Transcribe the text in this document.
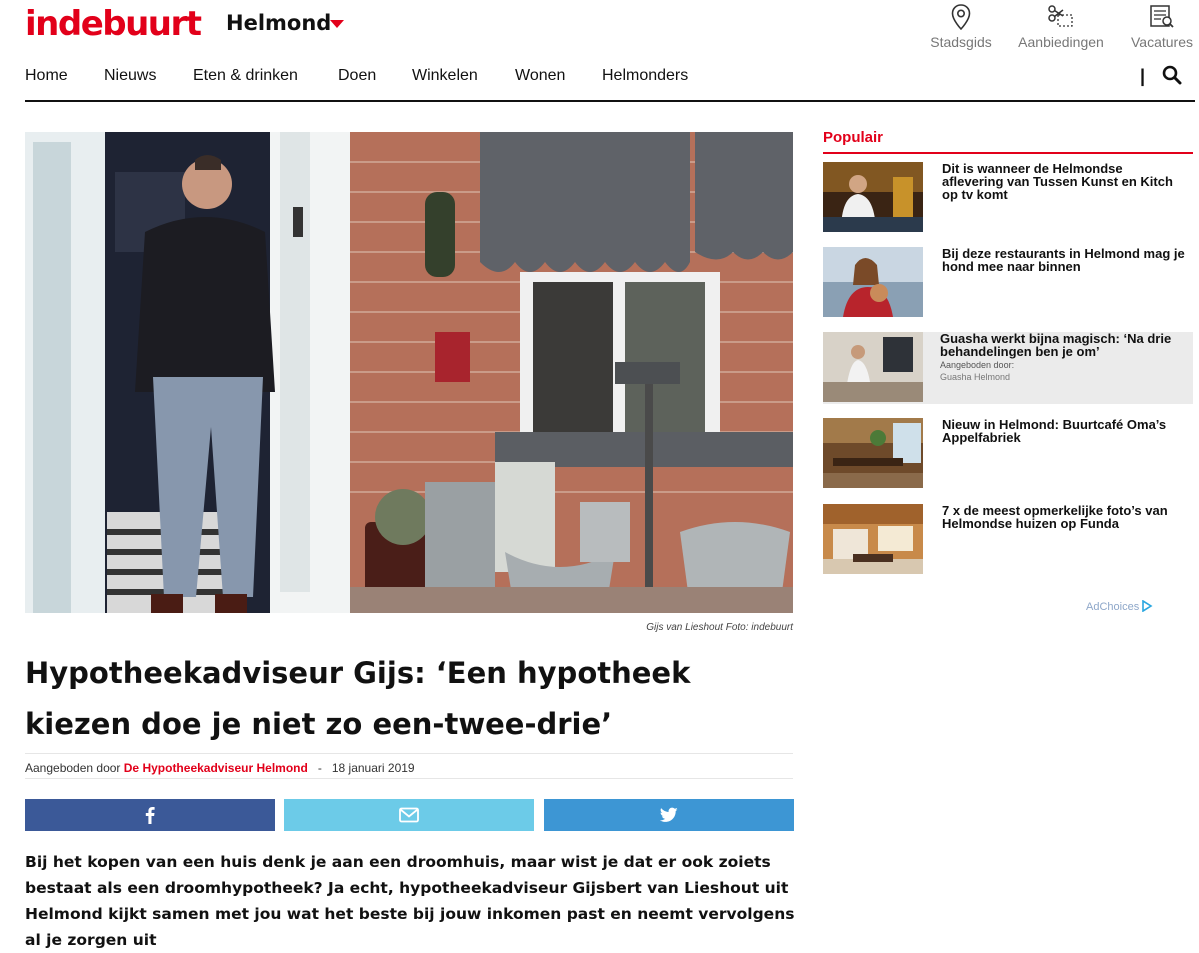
indebuurt Helmond
Stadsgids	Aanbiedingen	Vacatures
Home Nieuws Eten & drinken	Doen Winkelen Wonen Helmonders	|
Gijs van Lieshout Foto: indebuurt
Hypotheekadviseur Gijs: ‘Een hypotheek kiezen doe je niet zo een-twee-drie’
Aangeboden door De Hypotheekadviseur Helmond - 18 januari 2019

Bij het kopen van een huis denk je aan een droomhuis, maar wist je dat er ook zoiets bestaat als een droomhypotheek? Ja echt, hypotheekadviseur Gijsbert van Lieshout uit Helmond kijkt samen met jou wat het beste bij jouw inkomen past en neemt vervolgens al je zorgen uit

Populair
Dit is wanneer de Helmondse aflevering van Tussen Kunst en Kitch op tv komt
Bij deze restaurants in Helmond mag je hond mee naar binnen
Guasha werkt bijna magisch: ‘Na drie behandelingen ben je om’
Aangeboden door:
Guasha Helmond
Nieuw in Helmond: Buurtcafé Oma’s Appelfabriek
7 x de meest opmerkelijke foto’s van Helmondse huizen op Funda
AdChoices
